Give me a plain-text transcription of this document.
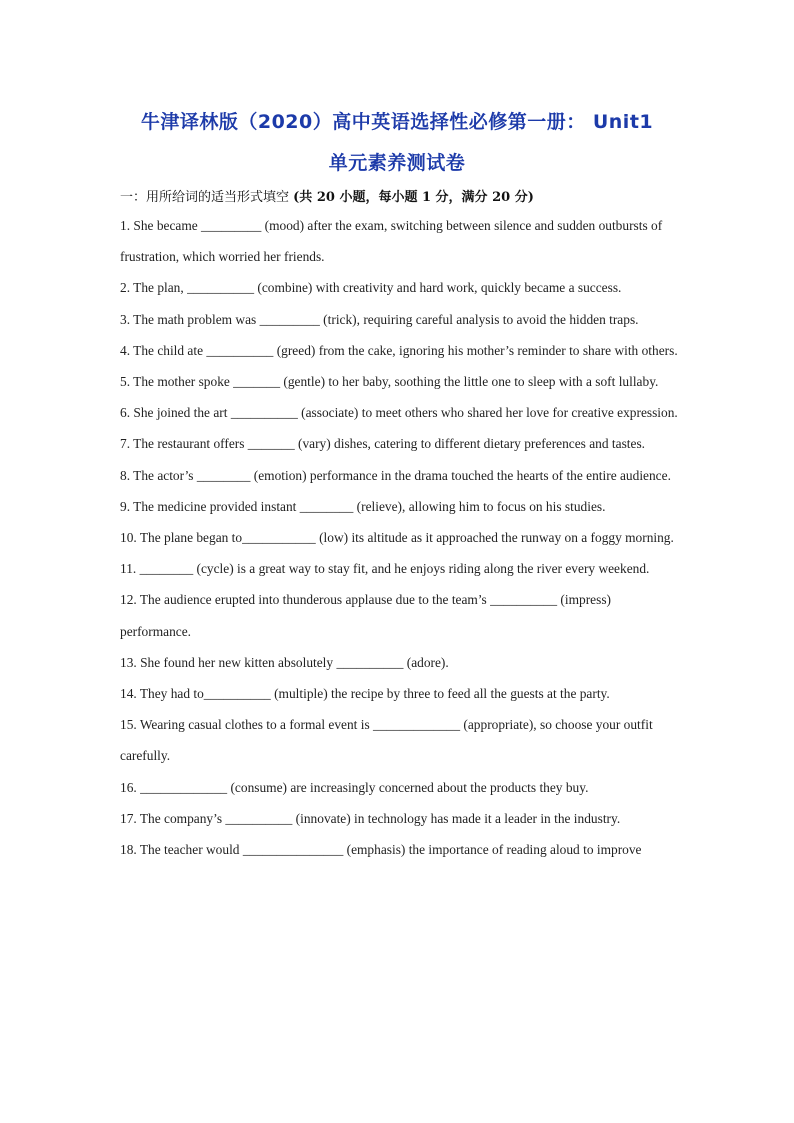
牛津译林版（2020）高中英语选择性必修第一册： Unit1
单元素养测试卷
一：用所给词的适当形式填空 (共 20 小题，每小题 1 分，满分 20 分)

1. She became _________ (mood) after the exam, switching between silence and sudden outbursts of frustration, which worried her friends.

2. The plan, __________ (combine) with creativity and hard work, quickly became a success.

3. The math problem was _________ (trick), requiring careful analysis to avoid the hidden traps.

4. The child ate __________ (greed) from the cake, ignoring his mother’s reminder to share with others.

5. The mother spoke _______ (gentle) to her baby, soothing the little one to sleep with a soft lullaby.

6. She joined the art __________ (associate) to meet others who shared her love for creative expression.

7. The restaurant offers _______ (vary) dishes, catering to different dietary preferences and tastes.

8. The actor’s ________ (emotion) performance in the drama touched the hearts of the entire audience.

9. The medicine provided instant ________ (relieve), allowing him to focus on his studies.

10. The plane began to___________ (low) its altitude as it approached the runway on a foggy morning.

11. ________ (cycle) is a great way to stay fit, and he enjoys riding along the river every weekend.

12. The audience erupted into thunderous applause due to the team’s __________ (impress) performance.

13. She found her new kitten absolutely __________ (adore).

14. They had to__________ (multiple) the recipe by three to feed all the guests at the party.

15. Wearing casual clothes to a formal event is _____________ (appropriate), so choose your outfit carefully.

16. _____________ (consume) are increasingly concerned about the products they buy.

17. The company’s __________ (innovate) in technology has made it a leader in the industry.

18. The teacher would _______________ (emphasis) the importance of reading aloud to improve
